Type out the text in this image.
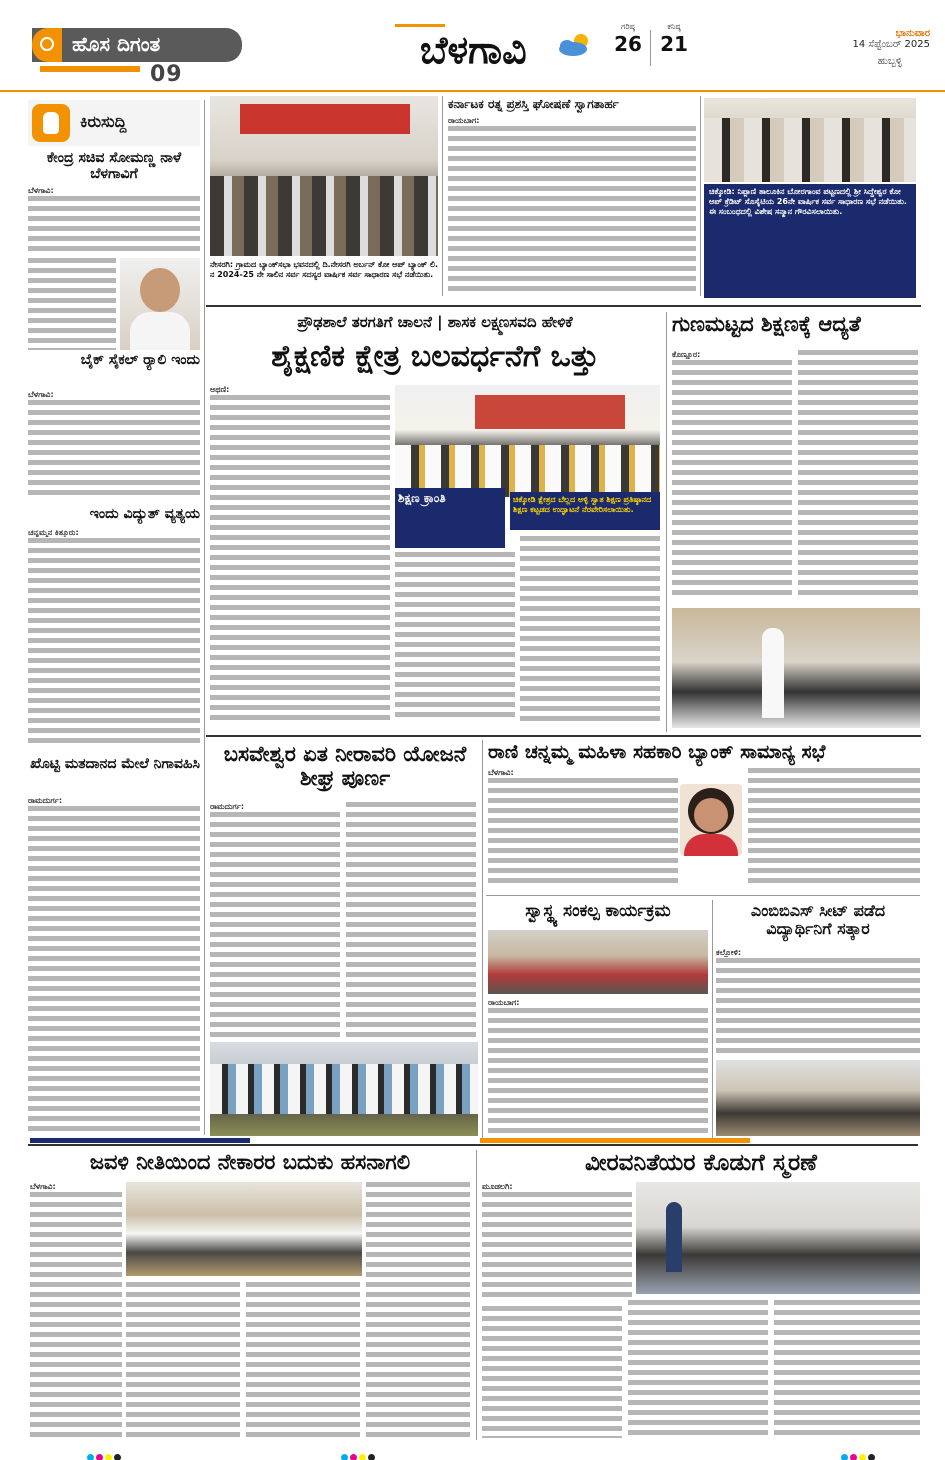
ಹೊಸ ದಿಗಂತ
09
ಬೆಳಗಾವಿ
ಗರಿಷ್ಠ
26
ಕನಿಷ್ಠ
21	ಭಾನುವಾರ
14 ಸೆಪ್ಟೆಂಬರ್ 2025
ಹುಬ್ಬಳ್ಳಿ
ಕಿರುಸುದ್ದಿ
ಕೇಂದ್ರ ಸಚಿವ ಸೋಮಣ್ಣ ನಾಳೆ ಬೆಳಗಾವಿಗೆ
ಬೆಳಗಾವಿ:
ಬೈಕ್ ಸೈಕಲ್ ರ‍್ಯಾಲಿ ಇಂದು
ಬೆಳಗಾವಿ:
ಇಂದು ವಿದ್ಯುತ್ ವ್ಯತ್ಯಯ
ಚನ್ನಮ್ಮನ ಕಿತ್ತೂರು:
ಖೊಟ್ಟಿ ಮತದಾನದ ಮೇಲೆ ನಿಗಾವಹಿಸಿ
ರಾಮದುರ್ಗ:
ನೇಸರಗಿ: ಗ್ರಾಮದ ಬ್ಯಾಂಕ್‌ಸಭಾ ಭವನದಲ್ಲಿ ದಿ.ನೇಸರಗಿ ಅರ್ಬನ್ ಕೋ ಆಪ್ ಬ್ಯಾಂಕ್ ಲಿ. ನ 2024-25 ನೇ ಸಾಲಿನ ಸರ್ವ ಸದಸ್ಯರ ವಾರ್ಷಿಕ ಸರ್ವ ಸಾಧಾರಣ ಸಭೆ ನಡೆಯಿತು.
ಕರ್ನಾಟಕ ರತ್ನ ಪ್ರಶಸ್ತಿ ಘೋಷಣೆ ಸ್ವಾಗತಾರ್ಹ
ರಾಯಬಾಗ:
ಚಿಕ್ಕೋಡಿ: ನಿಪ್ಪಾಣಿ ತಾಲೂಕಿನ ಬೋರಗಾಂವ ಪಟ್ಟಣದಲ್ಲಿ ಶ್ರೀ ಸಿದ್ದೇಶ್ವರ ಕೋ ಆಪ್ ಕ್ರೆಡಿಟ್ ಸೊಸೈಟಿಯ 26ನೇ ವಾರ್ಷಿಕ ಸರ್ವ ಸಾಧಾರಣ ಸಭೆ ನಡೆಯಿತು. ಈ ಸಂಬಂಧದಲ್ಲಿ ವಿಶೇಷ ಸನ್ಮಾನ ಗೌರವಿಸಲಾಯಿತು.
ಪ್ರೌಢಶಾಲೆ ತರಗತಿಗೆ ಚಾಲನೆ | ಶಾಸಕ ಲಕ್ಷ್ಮಣಸವದಿ ಹೇಳಿಕೆ
ಶೈಕ್ಷಣಿಕ ಕ್ಷೇತ್ರ ಬಲವರ್ಧನೆಗೆ ಒತ್ತು
ಅಥಣಿ:
ಶಿಕ್ಷಣ ಕ್ರಾಂತಿ	ಚಿಕ್ಕೋಡಿ ಕ್ಷೇತ್ರದ ಬೆಲ್ಲದ ಅಳ್ಳಿ ಸ್ವಾತ ಶಿಕ್ಷಣ ಪ್ರತಿಷ್ಠಾನದ ಶಿಕ್ಷಣ ಕಟ್ಟಡದ ಉದ್ಘಾಟನೆ ನೆರವೇರಿಸಲಾಯಿತು.
ಗುಣಮಟ್ಟದ ಶಿಕ್ಷಣಕ್ಕೆ ಆದ್ಯತೆ
ಕೊಣ್ಣೂರ:
ಬಸವೇಶ್ವರ ಏತ ನೀರಾವರಿ ಯೋಜನೆ ಶೀಘ್ರ ಪೂರ್ಣ
ರಾಮದುರ್ಗ:
ರಾಣಿ ಚನ್ನಮ್ಮ ಮಹಿಳಾ ಸಹಕಾರಿ ಬ್ಯಾಂಕ್ ಸಾಮಾನ್ಯ ಸಭೆ
ಬೆಳಗಾವಿ:
ಸ್ವಾಸ್ಥ್ಯ ಸಂಕಲ್ಪ ಕಾರ್ಯಕ್ರಮ
ರಾಯಬಾಗ:
ಎಂಬಿಬಿಎಸ್ ಸೀಟ್ ಪಡೆದ ವಿದ್ಯಾರ್ಥಿನಿಗೆ ಸತ್ಕಾರ
ಕಲ್ಲೋಳಿ:
ಜವಳಿ ನೀತಿಯಿಂದ ನೇಕಾರರ ಬದುಕು ಹಸನಾಗಲಿ
ಬೆಳಗಾವಿ:
ವೀರವನಿತೆಯರ ಕೊಡುಗೆ ಸ್ಮರಣೆ
ಮೂಡಲಗಿ:
